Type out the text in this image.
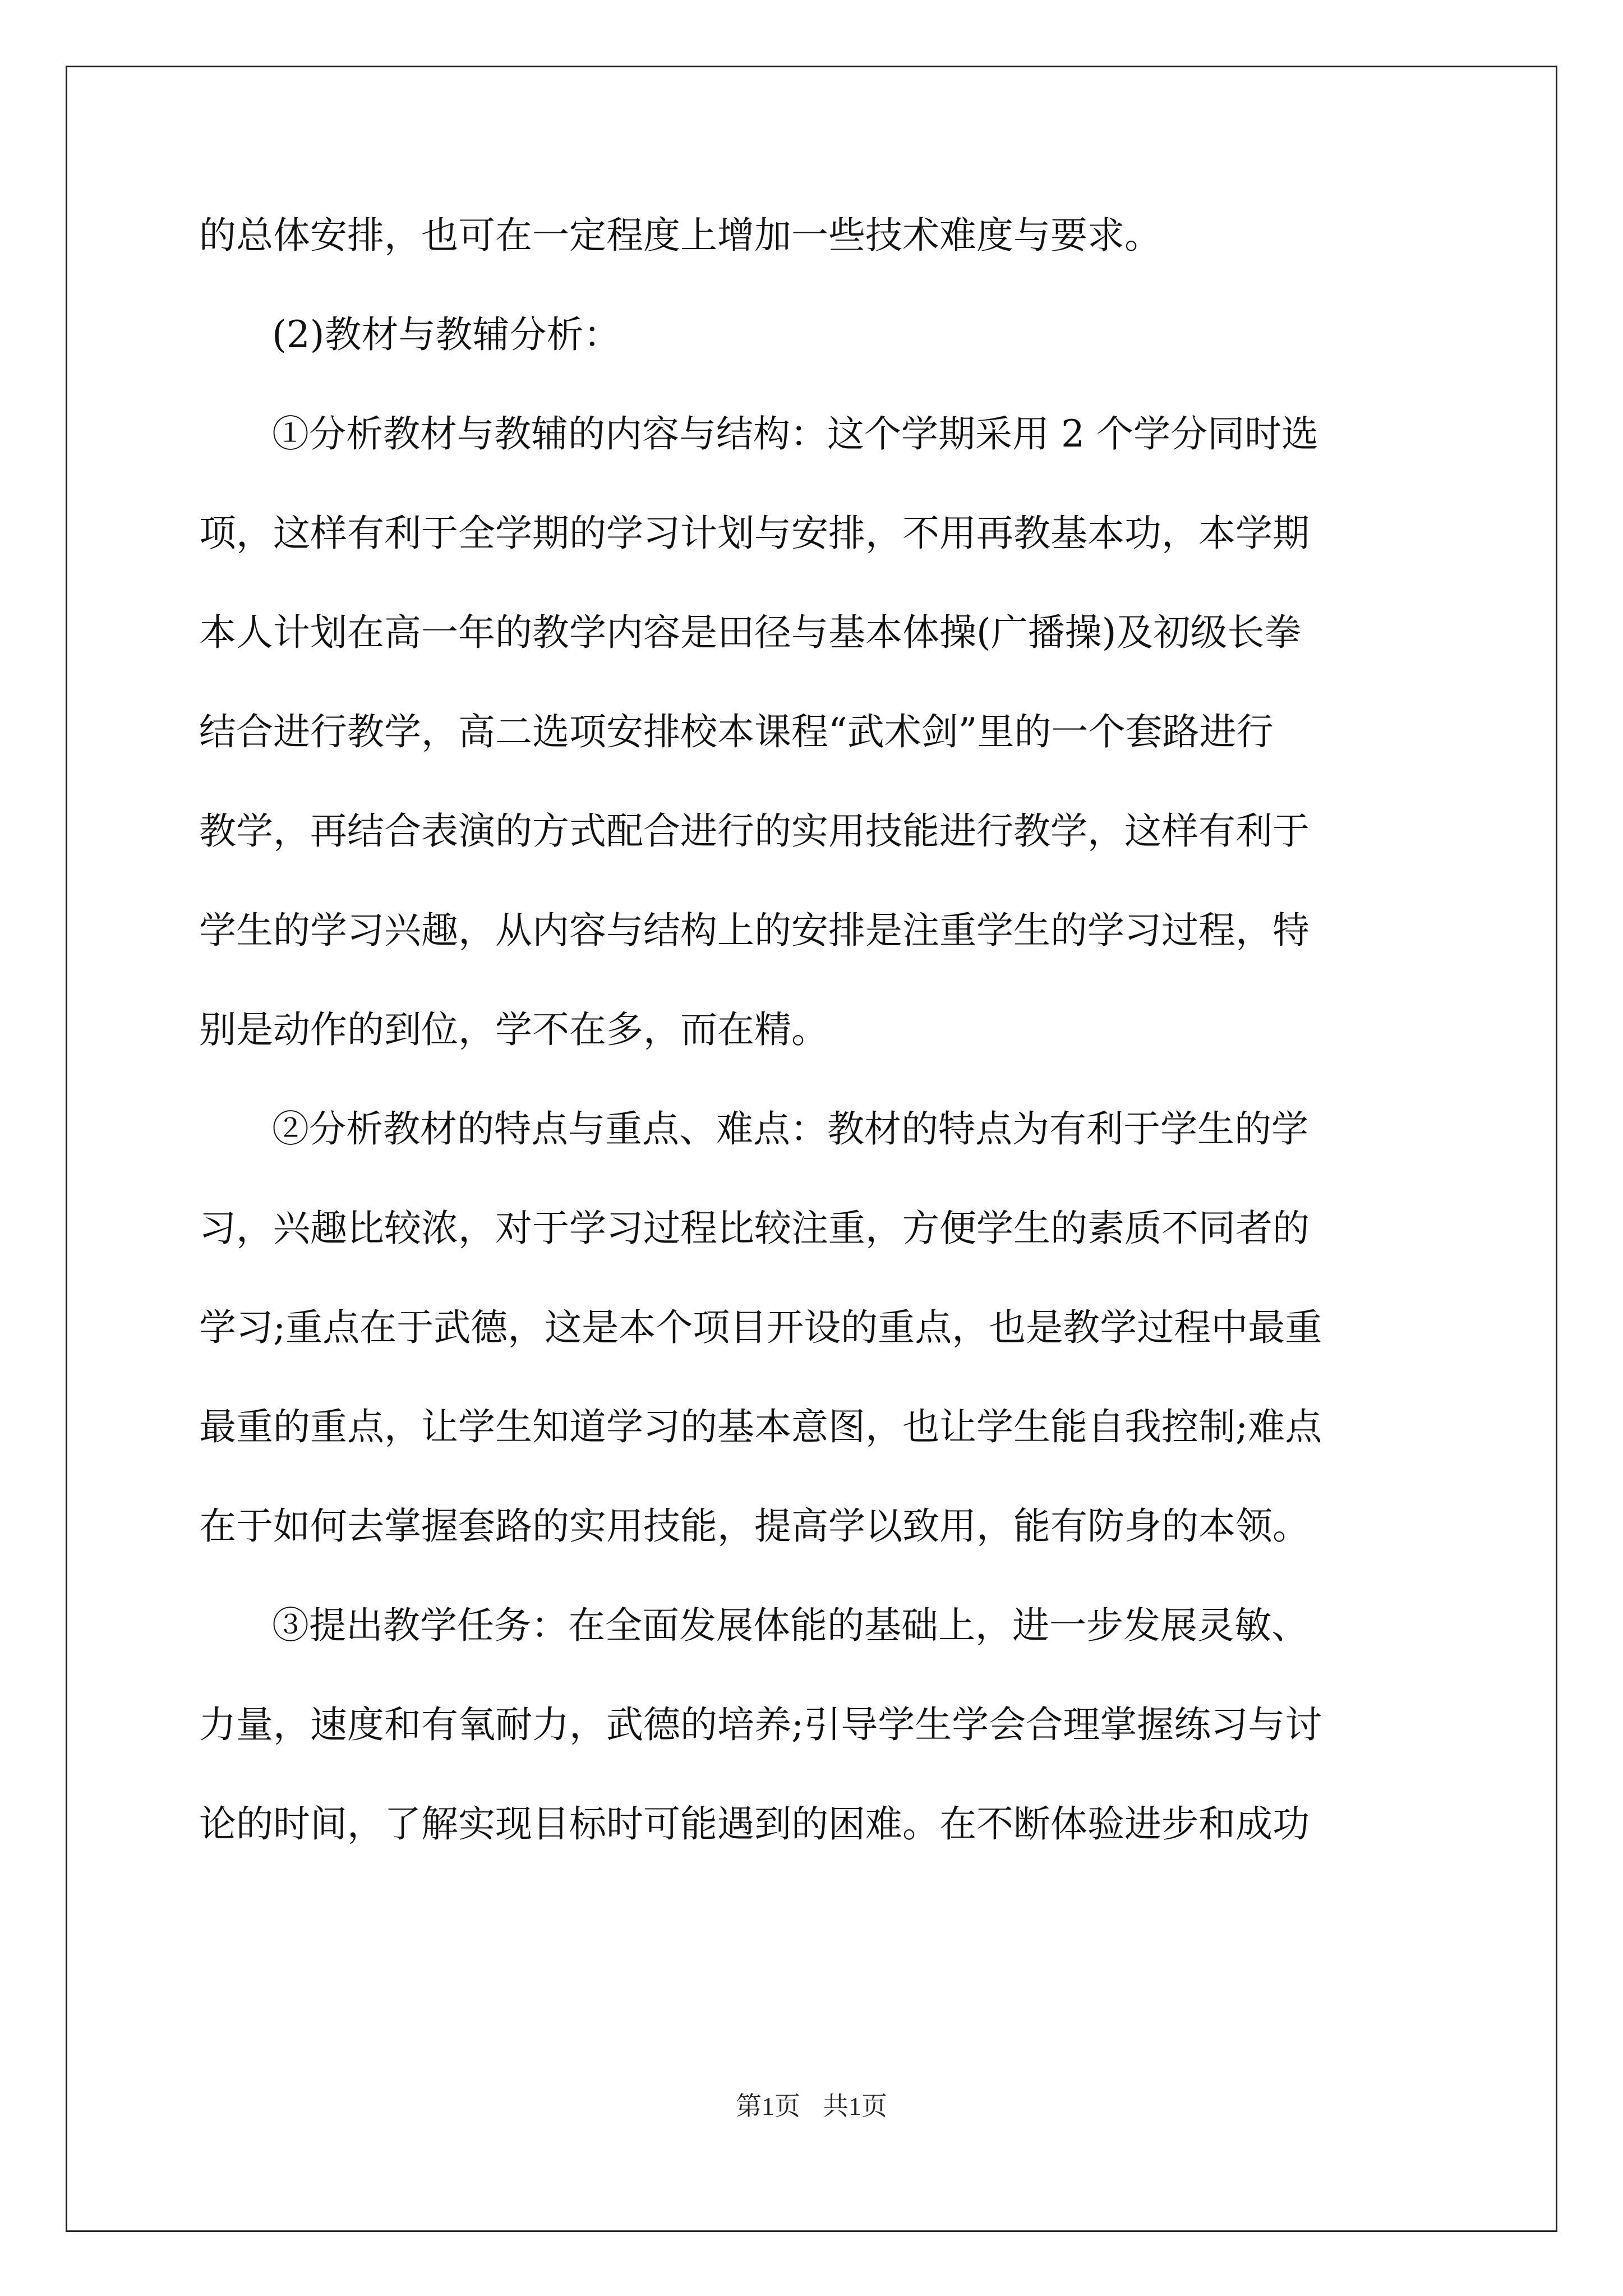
的总体安排，也可在一定程度上增加一些技术难度与要求。
(2)教材与教辅分析：
①分析教材与教辅的内容与结构：这个学期采用 2 个学分同时选
项，这样有利于全学期的学习计划与安排，不用再教基本功，本学期
本人计划在高一年的教学内容是田径与基本体操(广播操)及初级长拳
结合进行教学，高二选项安排校本课程“武术剑”里的一个套路进行
教学，再结合表演的方式配合进行的实用技能进行教学，这样有利于
学生的学习兴趣，从内容与结构上的安排是注重学生的学习过程，特
别是动作的到位，学不在多，而在精。
②分析教材的特点与重点、难点：教材的特点为有利于学生的学
习，兴趣比较浓，对于学习过程比较注重，方便学生的素质不同者的
学习;重点在于武德，这是本个项目开设的重点，也是教学过程中最重
最重的重点，让学生知道学习的基本意图，也让学生能自我控制;难点
在于如何去掌握套路的实用技能，提高学以致用，能有防身的本领。
③提出教学任务：在全面发展体能的基础上，进一步发展灵敏、
力量，速度和有氧耐力，武德的培养;引导学生学会合理掌握练习与讨
论的时间，了解实现目标时可能遇到的困难。在不断体验进步和成功
第1页 共1页
